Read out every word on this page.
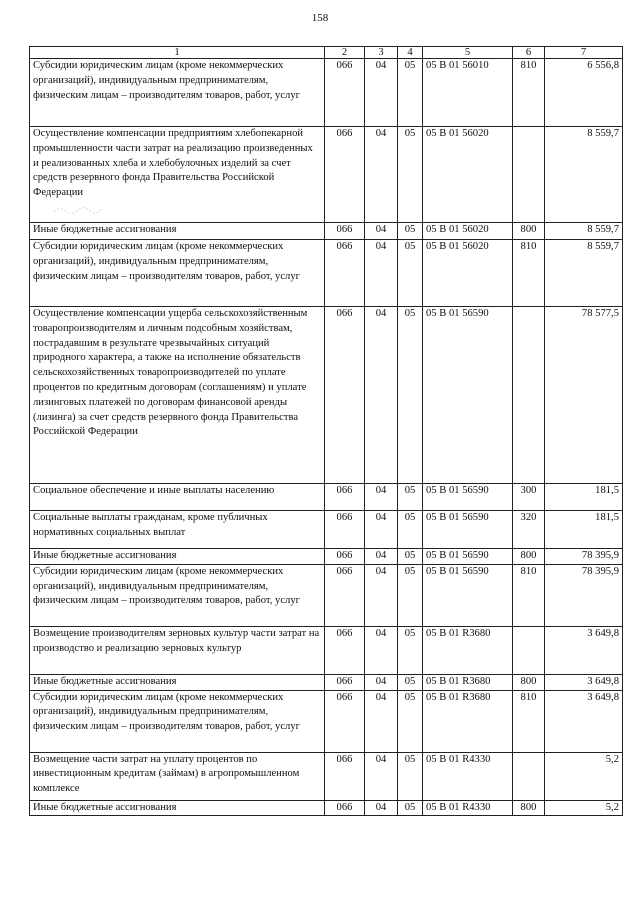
158
1	2	3	4	5	6	7
Субсидии юридическим лицам (кроме некоммерческих организаций), индивидуальным предпринимателям, физическим лицам – производителям товаров, работ, услуг	066	04	05	05 В 01 56010	810	6 556,8
Осуществление компенсации предприятиям хлебопекарной промышленности части затрат на реализацию произведенных и реализованных хлеба и хлебобулочных изделий за счет средств резервного фонда Правительства Российской Федерации	066	04	05	05 В 01 56020		8 559,7
Иные бюджетные ассигнования	066	04	05	05 В 01 56020	800	8 559,7
Субсидии юридическим лицам (кроме некоммерческих организаций), индивидуальным предпринимателям, физическим лицам – производителям товаров, работ, услуг	066	04	05	05 В 01 56020	810	8 559,7
Осуществление компенсации ущерба сельскохозяйственным товаропроизводителям и личным подсобным хозяйствам, пострадавшим в результате чрезвычайных ситуаций природного характера, а также на исполнение обязательств сельскохозяйственных товаропроизводителей по уплате процентов по кредитным договорам (соглашениям) и уплате лизинговых платежей по договорам финансовой аренды (лизинга) за счет средств резервного фонда Правительства Российской Федерации	066	04	05	05 В 01 56590		78 577,5
Социальное обеспечение и иные выплаты населению	066	04	05	05 В 01 56590	300	181,5
Социальные выплаты гражданам, кроме публичных нормативных социальных выплат	066	04	05	05 В 01 56590	320	181,5
Иные бюджетные ассигнования	066	04	05	05 В 01 56590	800	78 395,9
Субсидии юридическим лицам (кроме некоммерческих организаций), индивидуальным предпринимателям, физическим лицам – производителям товаров, работ, услуг	066	04	05	05 В 01 56590	810	78 395,9
Возмещение производителям зерновых культур части затрат на производство и реализацию зерновых культур	066	04	05	05 В 01 R3680		3 649,8
Иные бюджетные ассигнования	066	04	05	05 В 01 R3680	800	3 649,8
Субсидии юридическим лицам (кроме некоммерческих организаций), индивидуальным предпринимателям, физическим лицам – производителям товаров, работ, услуг	066	04	05	05 В 01 R3680	810	3 649,8
Возмещение части затрат на уплату процентов по инвестиционным кредитам (займам) в агропромышленном комплексе	066	04	05	05 В 01 R4330		5,2
Иные бюджетные ассигнования	066	04	05	05 В 01 R4330	800	5,2
